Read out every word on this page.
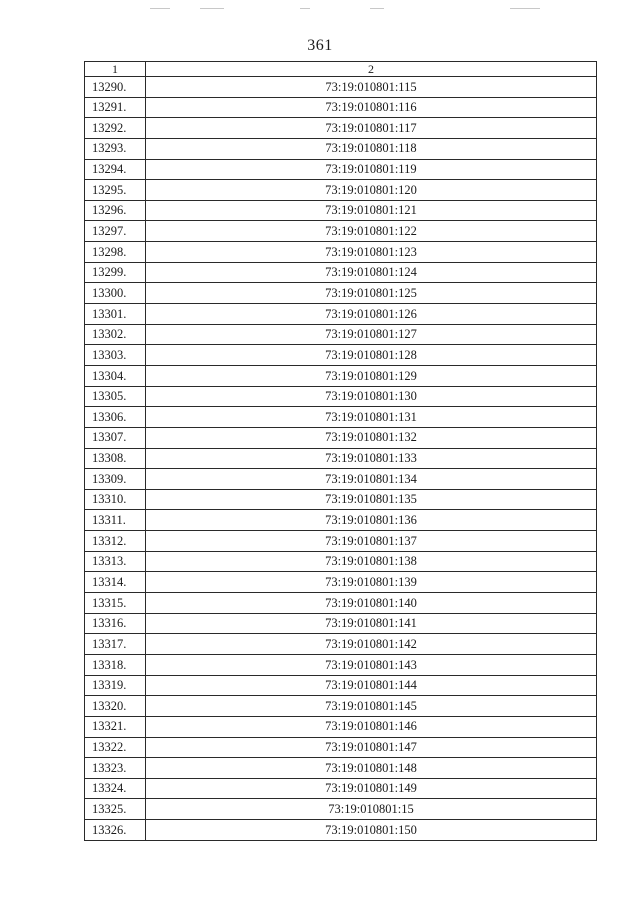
361
1	2
13290.	73:19:010801:115
13291.	73:19:010801:116
13292.	73:19:010801:117
13293.	73:19:010801:118
13294.	73:19:010801:119
13295.	73:19:010801:120
13296.	73:19:010801:121
13297.	73:19:010801:122
13298.	73:19:010801:123
13299.	73:19:010801:124
13300.	73:19:010801:125
13301.	73:19:010801:126
13302.	73:19:010801:127
13303.	73:19:010801:128
13304.	73:19:010801:129
13305.	73:19:010801:130
13306.	73:19:010801:131
13307.	73:19:010801:132
13308.	73:19:010801:133
13309.	73:19:010801:134
13310.	73:19:010801:135
13311.	73:19:010801:136
13312.	73:19:010801:137
13313.	73:19:010801:138
13314.	73:19:010801:139
13315.	73:19:010801:140
13316.	73:19:010801:141
13317.	73:19:010801:142
13318.	73:19:010801:143
13319.	73:19:010801:144
13320.	73:19:010801:145
13321.	73:19:010801:146
13322.	73:19:010801:147
13323.	73:19:010801:148
13324.	73:19:010801:149
13325.	73:19:010801:15
13326.	73:19:010801:150
